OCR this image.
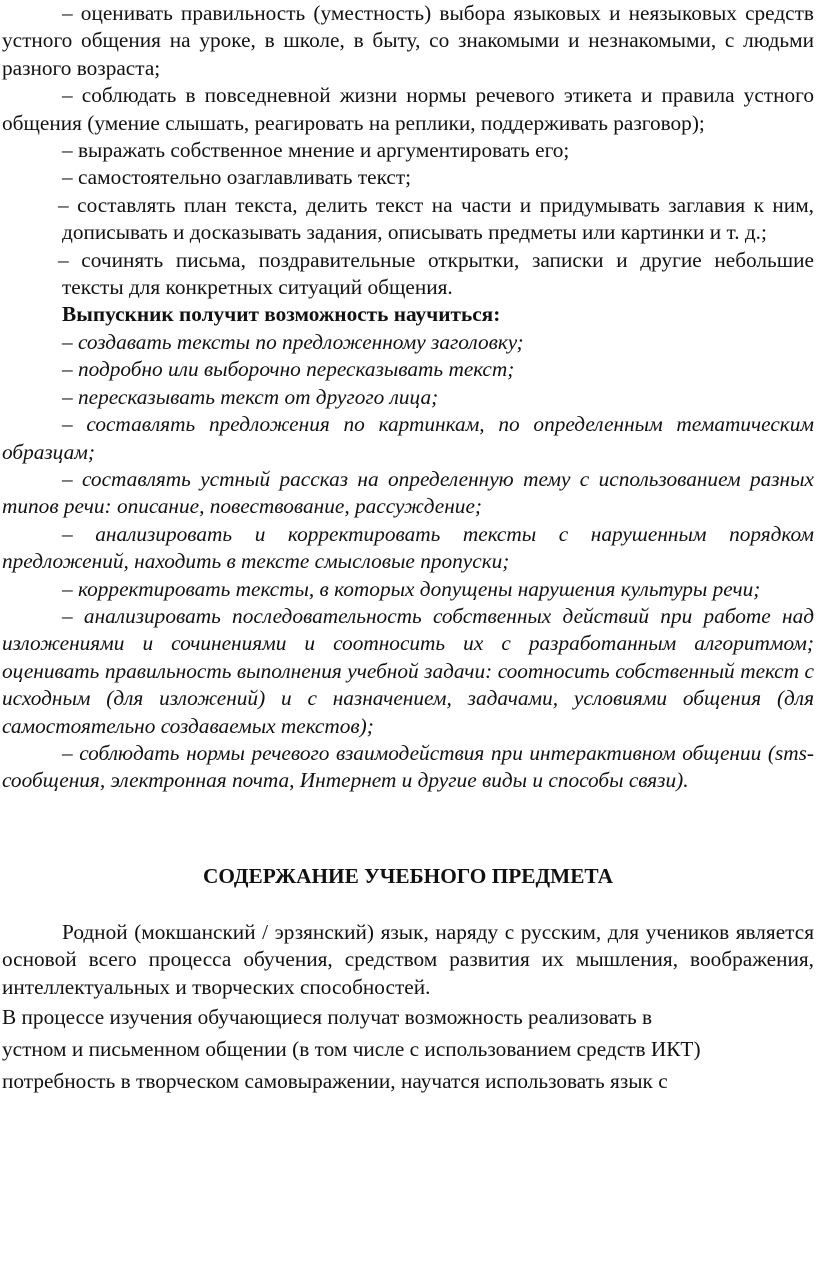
– оценивать правильность (уместность) выбора языковых и неязыковых средств устного общения на уроке, в школе, в быту, со знакомыми и незнакомыми, с людьми разного возраста;

– соблюдать в повседневной жизни нормы речевого этикета и правила устного общения (умение слышать, реагировать на реплики, поддерживать разговор);

– выражать собственное мнение и аргументировать его;

– самостоятельно озаглавливать текст;

– составлять план текста, делить текст на части и придумывать заглавия к ним, дописывать и досказывать задания, описывать предметы или картинки и т. д.;

– сочинять письма, поздравительные открытки, записки и другие небольшие тексты для конкретных ситуаций общения.

Выпускник получит возможность научиться:

– создавать тексты по предложенному заголовку;

– подробно или выборочно пересказывать текст;

– пересказывать текст от другого лица;

– составлять предложения по картинкам, по определенным тематическим образцам;

– составлять устный рассказ на определенную тему с использованием разных типов речи: описание, повествование, рассуждение;

– анализировать и корректировать тексты с нарушенным порядком предложений, находить в тексте смысловые пропуски;

– корректировать тексты, в которых допущены нарушения культуры речи;

– анализировать последовательность собственных действий при работе над изложениями и сочинениями и соотносить их с разработанным алгоритмом; оценивать правильность выполнения учебной задачи: соотносить собственный текст с исходным (для изложений) и с назначением, задачами, условиями общения (для самостоятельно создаваемых текстов);

– соблюдать нормы речевого взаимодействия при интерактивном общении (sms-сообщения, электронная почта, Интернет и другие виды и способы связи).

СОДЕРЖАНИЕ УЧЕБНОГО ПРЕДМЕТА

Родной (мокшанский / эрзянский) язык, наряду с русским, для учеников является основой всего процесса обучения, средством развития их мышления, воображения, интеллектуальных и творческих способностей.

В процессе изучения обучающиеся получат возможность реализовать в

устном и письменном общении (в том числе с использованием средств ИКТ)

потребность в творческом самовыражении, научатся использовать язык с
